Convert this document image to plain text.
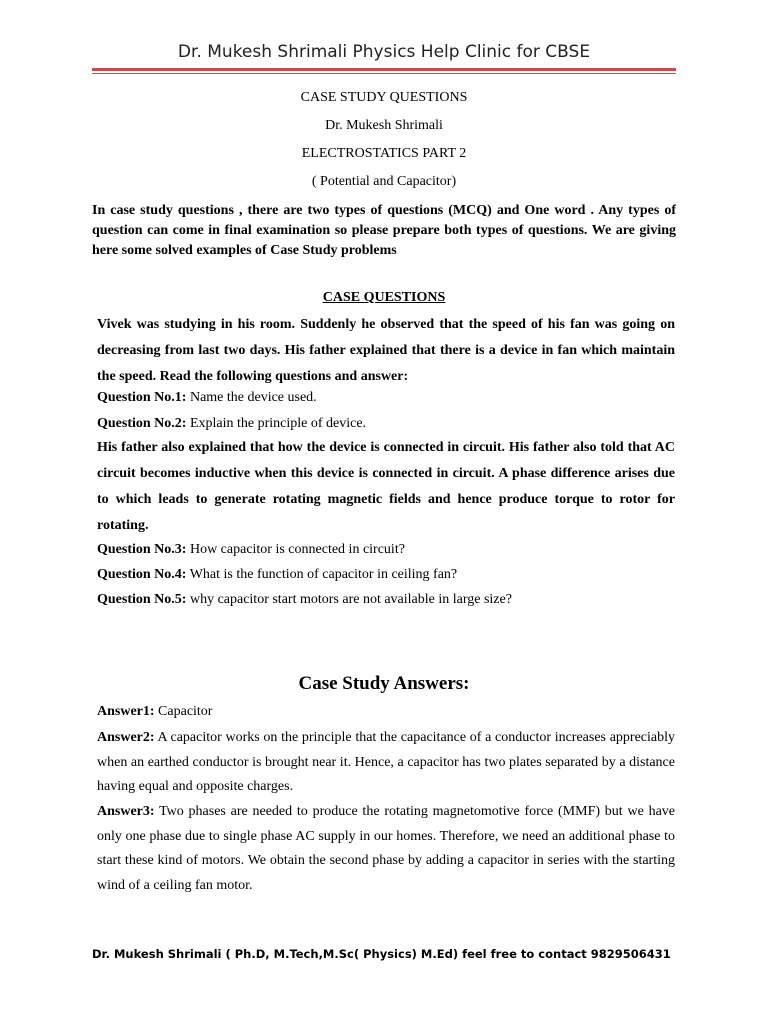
Dr. Mukesh Shrimali Physics Help Clinic for CBSE
CASE STUDY QUESTIONS
Dr. Mukesh Shrimali
ELECTROSTATICS PART 2
( Potential and Capacitor)
In case study questions , there are two types of questions (MCQ) and One word . Any types of question can come in final examination so please prepare both types of questions. We are giving here some solved examples of Case Study problems
CASE QUESTIONS
Vivek was studying in his room. Suddenly he observed that the speed of his fan was going on decreasing from last two days. His father explained that there is a device in fan which maintain the speed. Read the following questions and answer:
Question No.1: Name the device used.
Question No.2: Explain the principle of device.
His father also explained that how the device is connected in circuit. His father also told that AC circuit becomes inductive when this device is connected in circuit. A phase difference arises due to which leads to generate rotating magnetic fields and hence produce torque to rotor for rotating.
Question No.3: How capacitor is connected in circuit?
Question No.4: What is the function of capacitor in ceiling fan?
Question No.5: why capacitor start motors are not available in large size?
Case Study Answers:
Answer1: Capacitor
Answer2: A capacitor works on the principle that the capacitance of a conductor increases appreciably when an earthed conductor is brought near it. Hence, a capacitor has two plates separated by a distance having equal and opposite charges.
Answer3: Two phases are needed to produce the rotating magnetomotive force (MMF) but we have only one phase due to single phase AC supply in our homes. Therefore, we need an additional phase to start these kind of motors. We obtain the second phase by adding a capacitor in series with the starting wind of a ceiling fan motor.
Dr. Mukesh Shrimali ( Ph.D, M.Tech,M.Sc( Physics) M.Ed) feel free to contact 9829506431
